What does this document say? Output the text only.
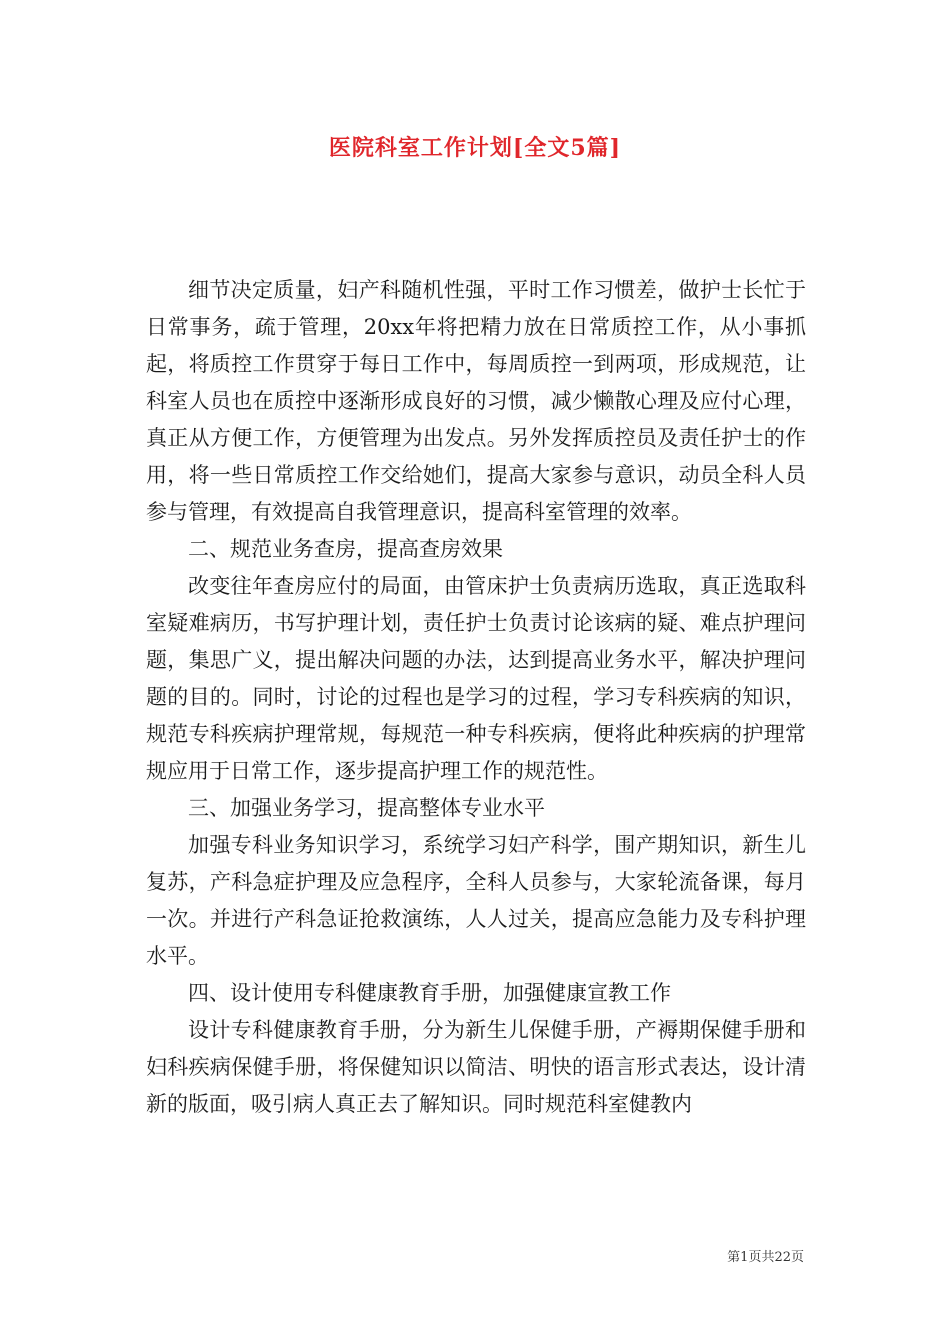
医院科室工作计划[全文5篇]

细节决定质量，妇产科随机性强，平时工作习惯差，做护士长忙于日常事务，疏于管理，20xx年将把精力放在日常质控工作，从小事抓起，将质控工作贯穿于每日工作中，每周质控一到两项，形成规范，让科室人员也在质控中逐渐形成良好的习惯，减少懒散心理及应付心理，真正从方便工作，方便管理为出发点。另外发挥质控员及责任护士的作用，将一些日常质控工作交给她们，提高大家参与意识，动员全科人员参与管理，有效提高自我管理意识，提高科室管理的效率。

二、规范业务查房，提高查房效果

改变往年查房应付的局面，由管床护士负责病历选取，真正选取科室疑难病历，书写护理计划，责任护士负责讨论该病的疑、难点护理问题，集思广义，提出解决问题的办法，达到提高业务水平，解决护理问题的目的。同时，讨论的过程也是学习的过程，学习专科疾病的知识，规范专科疾病护理常规，每规范一种专科疾病，便将此种疾病的护理常规应用于日常工作，逐步提高护理工作的规范性。

三、加强业务学习，提高整体专业水平

加强专科业务知识学习，系统学习妇产科学，围产期知识，新生儿复苏，产科急症护理及应急程序，全科人员参与，大家轮流备课，每月一次。并进行产科急证抢救演练，人人过关，提高应急能力及专科护理水平。

四、设计使用专科健康教育手册，加强健康宣教工作

设计专科健康教育手册，分为新生儿保健手册，产褥期保健手册和妇科疾病保健手册，将保健知识以简洁、明快的语言形式表达，设计清新的版面，吸引病人真正去了解知识。同时规范科室健教内

第1页共22页
